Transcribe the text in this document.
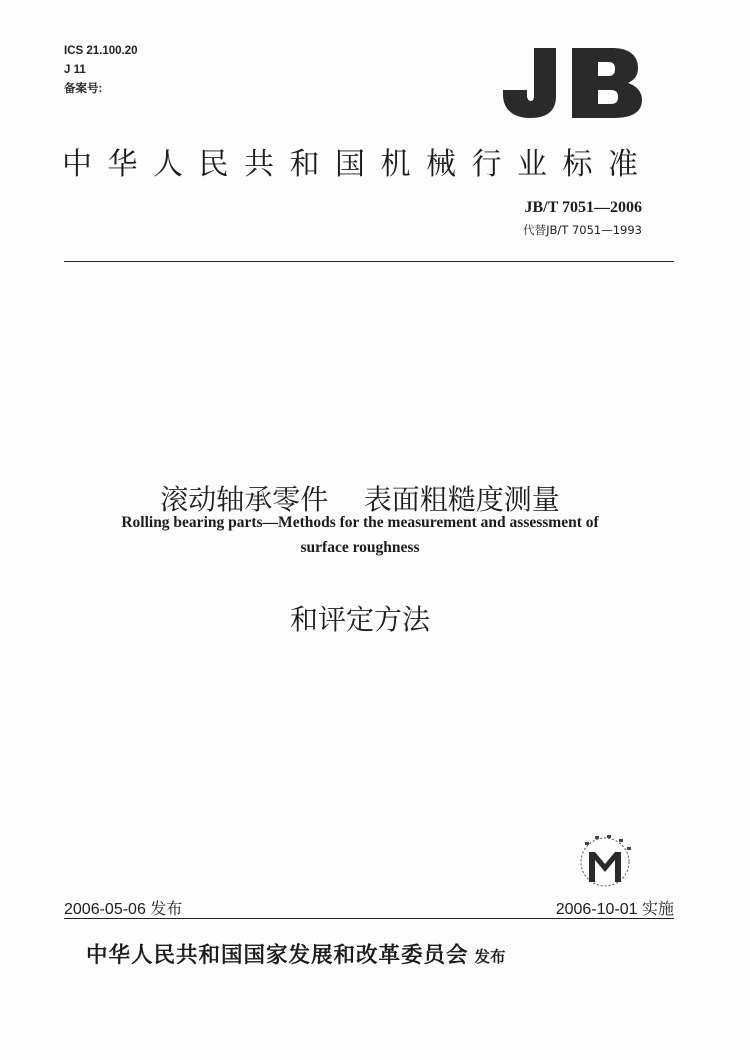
ICS 21.100.20
J 11
备案号:
中华人民共和国机械行业标准
JB/T 7051—2006
代替JB/T 7051—1993

滚动轴承零件    表面粗糙度测量

和评定方法

Rolling bearing parts—Methods for the measurement and assessment of
surface roughness
2006-05-06 发布	2006-10-01 实施
中华人民共和国国家发展和改革委员会 发布
